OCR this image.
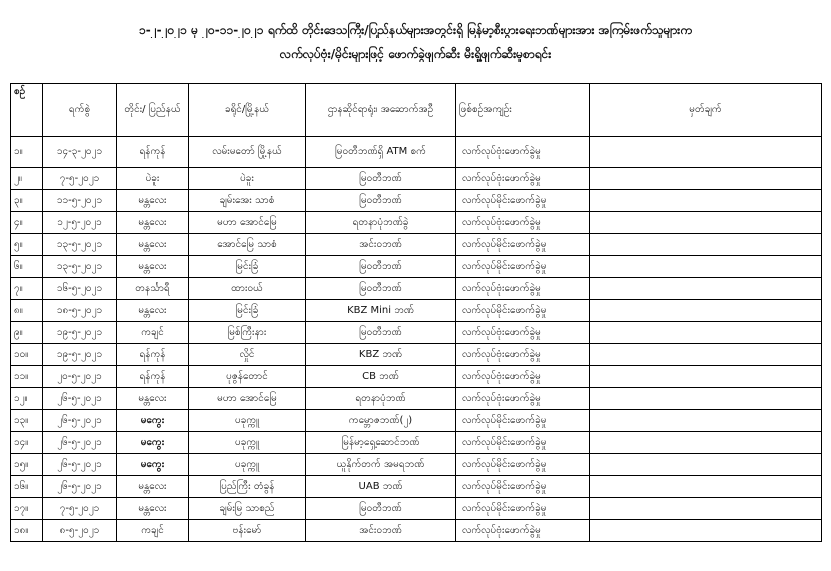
၁-၂-၂၀၂၁ မှ ၂၀-၁၁-၂၀၂၁ ရက်ထိ တိုင်းဒေသကြီး/ပြည်နယ်များအတွင်းရှိ မြန်မာ့စီးပွားရေးဘဏ်များအား အကြမ်းဖက်သူများက
လက်လုပ်ဗုံး/မိုင်းများဖြင့် ဖောက်ခွဲဖျက်ဆီး မီးရှို့ဖျက်ဆီးမှုစာရင်း
စဉ်	ရက်စွဲ	တိုင်း/ ပြည်နယ်	ခရိုင်/မြို့နယ်	ဌာနဆိုင်ရာရုံး၊ အဆောက်အဦ	ဖြစ်စဉ်အကျဉ်း	မှတ်ချက်
၁။	၁၄-၃-၂၀၂၁	ရန်ကုန်	လမ်းမတော် မြို့နယ်	မြဝတီဘဏ်ရှိ ATM စက်	လက်လုပ်ဗုံးဖောက်ခွဲမှု	
၂။	၇-၅-၂၀၂၁	ပဲခူး	ပဲခူး	မြဝတီဘဏ်	လက်လုပ်ဗုံးဖောက်ခွဲမှု	
၃။	၁၁-၅-၂၀၂၁	မန္တလေး	ချမ်းအေး သာစံ	မြဝတီဘဏ်	လက်လုပ်မိုင်းဖောက်ခွဲမှု	
၄။	၁၂-၅-၂၀၂၁	မန္တလေး	မဟာ အောင်မြေ	ရတနာပုံဘဏ်ခွဲ	လက်လုပ်ဗုံးဖောက်ခွဲမှု	
၅။	၁၃-၅-၂၀၂၁	မန္တလေး	အောင်မြေ သာစံ	အင်း၀ဘဏ်	လက်လုပ်မိုင်းဖောက်ခွဲမှု	
၆။	၁၃-၅-၂၀၂၁	မန္တလေး	မြင်းခြံ	မြဝတီဘဏ်	လက်လုပ်မိုင်းဖောက်ခွဲမှု	
၇။	၁၆-၅-၂၀၂၁	တနင်္သာရီ	ထားဝယ်	မြဝတီဘဏ်	လက်လုပ်ဗုံးဖောက်ခွဲမှု	
၈။	၁၈-၅-၂၀၂၁	မန္တလေး	မြင်းခြံ	KBZ Mini ဘဏ်	လက်လုပ်မိုင်းဖောက်ခွဲမှု	
၉။	၁၉-၅-၂၀၂၁	ကချင်	မြစ်ကြီးနား	မြဝတီဘဏ်	လက်လုပ်ဗုံးဖောက်ခွဲမှု	
၁၀။	၁၉-၅-၂၀၂၁	ရန်ကုန်	လှိုင်	KBZ ဘဏ်	လက်လုပ်ဗုံးဖောက်ခွဲမှု	
၁၁။	၂၀-၅-၂၀၂၁	ရန်ကုန်	ပုဇွန်တောင်	CB ဘဏ်	လက်လုပ်ဗုံးဖောက်ခွဲမှု	
၁၂။	၂၆-၅-၂၀၂၁	မန္တလေး	မဟာ အောင်မြေ	ရတနာပုံဘဏ်	လက်လုပ်ဗုံးဖောက်ခွဲမှု	
၁၃။	၂၆-၅-၂၀၂၁	မကွေး	ပခုက္ကူ	ကမ္ဘောဇဘဏ်(၂)	လက်လုပ်မိုင်းဖောက်ခွဲမှု	
၁၄။	၂၆-၅-၂၀၂၁	မကွေး	ပခုက္ကူ	မြန်မာ့ရှေ့ဆောင်ဘဏ်	လက်လုပ်မိုင်းဖောက်ခွဲမှု	
၁၅။	၂၆-၅-၂၀၂၁	မကွေး	ပခုက္ကူ	ယူနိုက်တက် အမရဘဏ်	လက်လုပ်မိုင်းဖောက်ခွဲမှု	
၁၆။	၂၆-၅-၂၀၂၁	မန္တလေး	ပြည်ကြီး တံခွန်	UAB ဘဏ်	လက်လုပ်မိုင်းဖောက်ခွဲမှု	
၁၇။	၇-၅-၂၀၂၁	မန္တလေး	ချမ်းမြ သာစည်	မြဝတီဘဏ်	လက်လုပ်မိုင်းဖောက်ခွဲမှု	
၁၈။	၈-၅-၂၀၂၁	ကချင်	ဗန်းမော်	အင်း၀ဘဏ်	လက်လုပ်ဗုံးဖောက်ခွဲမှု	
